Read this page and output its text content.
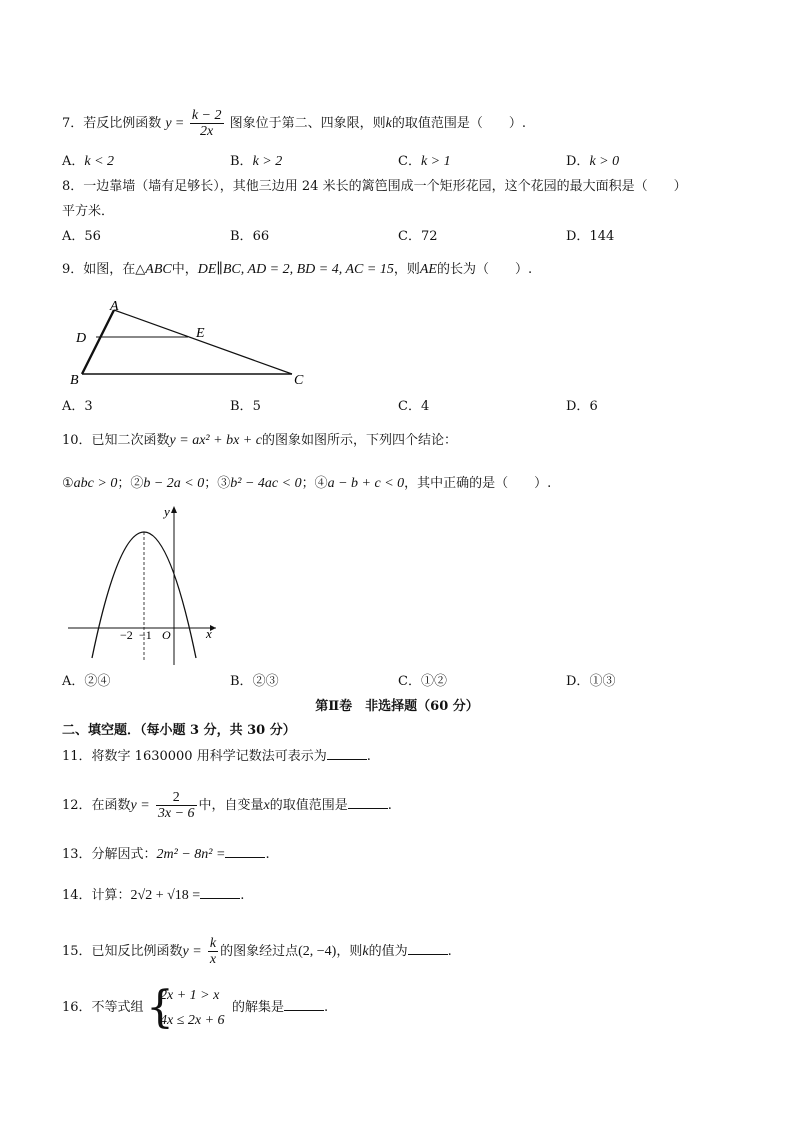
7．若反比例函数 $y = \frac{k - 2}{2x}$ 图象位于第二、四象限，则k的取值范围是（　　）.
A．k < 2	B．k > 2	C．k > 1	D．k > 0
8．一边靠墙（墙有足够长），其他三边用 24 米长的篱笆围成一个矩形花园，这个花园的最大面积是（　　）
平方米．
A．56	B．66	C．72	D．144
9．如图，在△ABC中，DE∥BC, AD = 2, BD = 4, AC = 15，则AE的长为（　　）.
A
D	E
B	C
A．3	B．5	C．4	D．6
10．已知二次函数y = ax² + bx + c的图象如图所示，下列四个结论：
①abc > 0；②b − 2a < 0；③b² − 4ac < 0；④a − b + c < 0，其中正确的是（　　）.
y
x
−2 −1 O
A．②④	B．②③	C．①②	D．①③
第Ⅱ卷　非选择题（60 分）
二、填空题．（每小题 3 分，共 30 分）
11．将数字 1630000 用科学记数法可表示为	.
12．在函数$y = \frac{2}{3x - 6}$ 中，自变量x的取值范围是	.
13．分解因式：2m² − 8n² =	.
14．计算：2√2 + √18 =	.
15．已知反比例函数$y = \frac{k}{x}$ 的图象经过点(2, −4)，则k的值为	.
16．不等式组 {
2x + 1 > x
4x ≤ 2x + 6
的解集是	.
